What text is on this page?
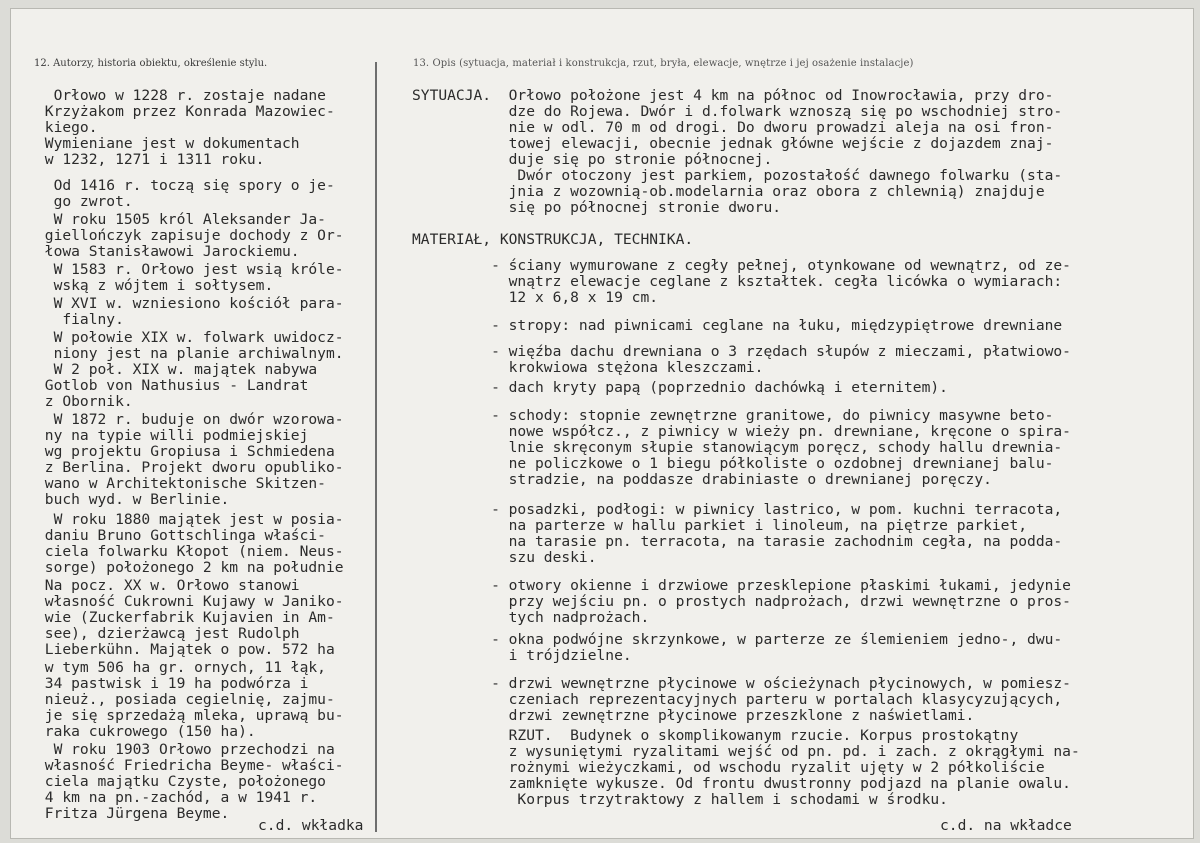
12. Autorzy, historia obiektu, określenie stylu.	13. Opis (sytuacja, materiał i konstrukcja, rzut, bryła, elewacje, wnętrze i jej osażenie instalacje)
Orłowo w 1228 r. zostaje nadane
Krzyżakom przez Konrada Mazowiec-
kiego.
Wymieniane jest w dokumentach
w 1232, 1271 i 1311 roku.
Od 1416 r. toczą się spory o je-
go zwrot.
W roku 1505 król Aleksander Ja-
giellończyk zapisuje dochody z Or-
łowa Stanisławowi Jarockiemu.
W 1583 r. Orłowo jest wsią króle-
wską z wójtem i sołtysem.
W XVI w. wzniesiono kościół para-
fialny.
W połowie XIX w. folwark uwidocz-
niony jest na planie archiwalnym.
W 2 poł. XIX w. majątek nabywa
Gotlob von Nathusius - Landrat
z Obornik.
W 1872 r. buduje on dwór wzorowa-
ny na typie willi podmiejskiej
wg projektu Gropiusa i Schmiedena
z Berlina. Projekt dworu opubliko-
wano w Architektonische Skitzen-
buch wyd. w Berlinie.
W roku 1880 majątek jest w posia-
daniu Bruno Gottschlinga właści-
ciela folwarku Kłopot (niem. Neus-
sorge) położonego 2 km na południe
Na pocz. XX w. Orłowo stanowi
własność Cukrowni Kujawy w Janiko-
wie (Zuckerfabrik Kujavien in Am-
see), dzierżawcą jest Rudolph
Lieberkühn. Majątek o pow. 572 ha
w tym 506 ha gr. ornych, 11 łąk,
34 pastwisk i 19 ha podwórza i
nieuż., posiada cegielnię, zajmu-
je się sprzedażą mleka, uprawą bu-
raka cukrowego (150 ha).
W roku 1903 Orłowo przechodzi na
własność Friedricha Beyme- właści-
ciela majątku Czyste, położonego
4 km na pn.-zachód, a w 1941 r.
Fritza Jürgena Beyme.
c.d. wkładka
SYTUACJA.  Orłowo położone jest 4 km na północ od Inowrocławia, przy dro-
dze do Rojewa. Dwór i d.folwark wznoszą się po wschodniej stro-
nie w odl. 70 m od drogi. Do dworu prowadzi aleja na osi fron-
towej elewacji, obecnie jednak główne wejście z dojazdem znaj-
duje się po stronie północnej.
Dwór otoczony jest parkiem, pozostałość dawnego folwarku (sta-
jnia z wozownią-ob.modelarnia oraz obora z chlewnią) znajduje
się po północnej stronie dworu.
MATERIAŁ, KONSTRUKCJA, TECHNIKA.
- ściany wymurowane z cegły pełnej, otynkowane od wewnątrz, od ze-
wnątrz elewacje ceglane z kształtek. cegła licówka o wymiarach:
12 x 6,8 x 19 cm.
- stropy: nad piwnicami ceglane na łuku, międzypiętrowe drewniane
- więźba dachu drewniana o 3 rzędach słupów z mieczami, płatwiowo-
krokwiowa stężona kleszczami.
- dach kryty papą (poprzednio dachówką i eternitem).
- schody: stopnie zewnętrzne granitowe, do piwnicy masywne beto-
nowe współcz., z piwnicy w wieży pn. drewniane, kręcone o spira-
lnie skręconym słupie stanowiącym poręcz, schody hallu drewnia-
ne policzkowe o 1 biegu półkoliste o ozdobnej drewnianej balu-
stradzie, na poddasze drabiniaste o drewnianej poręczy.
- posadzki, podłogi: w piwnicy lastrico, w pom. kuchni terracota,
na parterze w hallu parkiet i linoleum, na piętrze parkiet,
na tarasie pn. terracota, na tarasie zachodnim cegła, na podda-
szu deski.
- otwory okienne i drzwiowe przesklepione płaskimi łukami, jedynie
przy wejściu pn. o prostych nadprożach, drzwi wewnętrzne o pros-
tych nadprożach.
- okna podwójne skrzynkowe, w parterze ze ślemieniem jedno-, dwu-
i trójdzielne.
- drzwi wewnętrzne płycinowe w ościeżynach płycinowych, w pomiesz-
czeniach reprezentacyjnych parteru w portalach klasycyzujących,
drzwi zewnętrzne płycinowe przeszklone z naświetlami.
RZUT.  Budynek o skomplikowanym rzucie. Korpus prostokątny
z wysuniętymi ryzalitami wejść od pn. pd. i zach. z okrągłymi na-
rożnymi wieżyczkami, od wschodu ryzalit ujęty w 2 półkoliście
zamknięte wykusze. Od frontu dwustronny podjazd na planie owalu.
Korpus trzytraktowy z hallem i schodami w środku.
c.d. na wkładce
